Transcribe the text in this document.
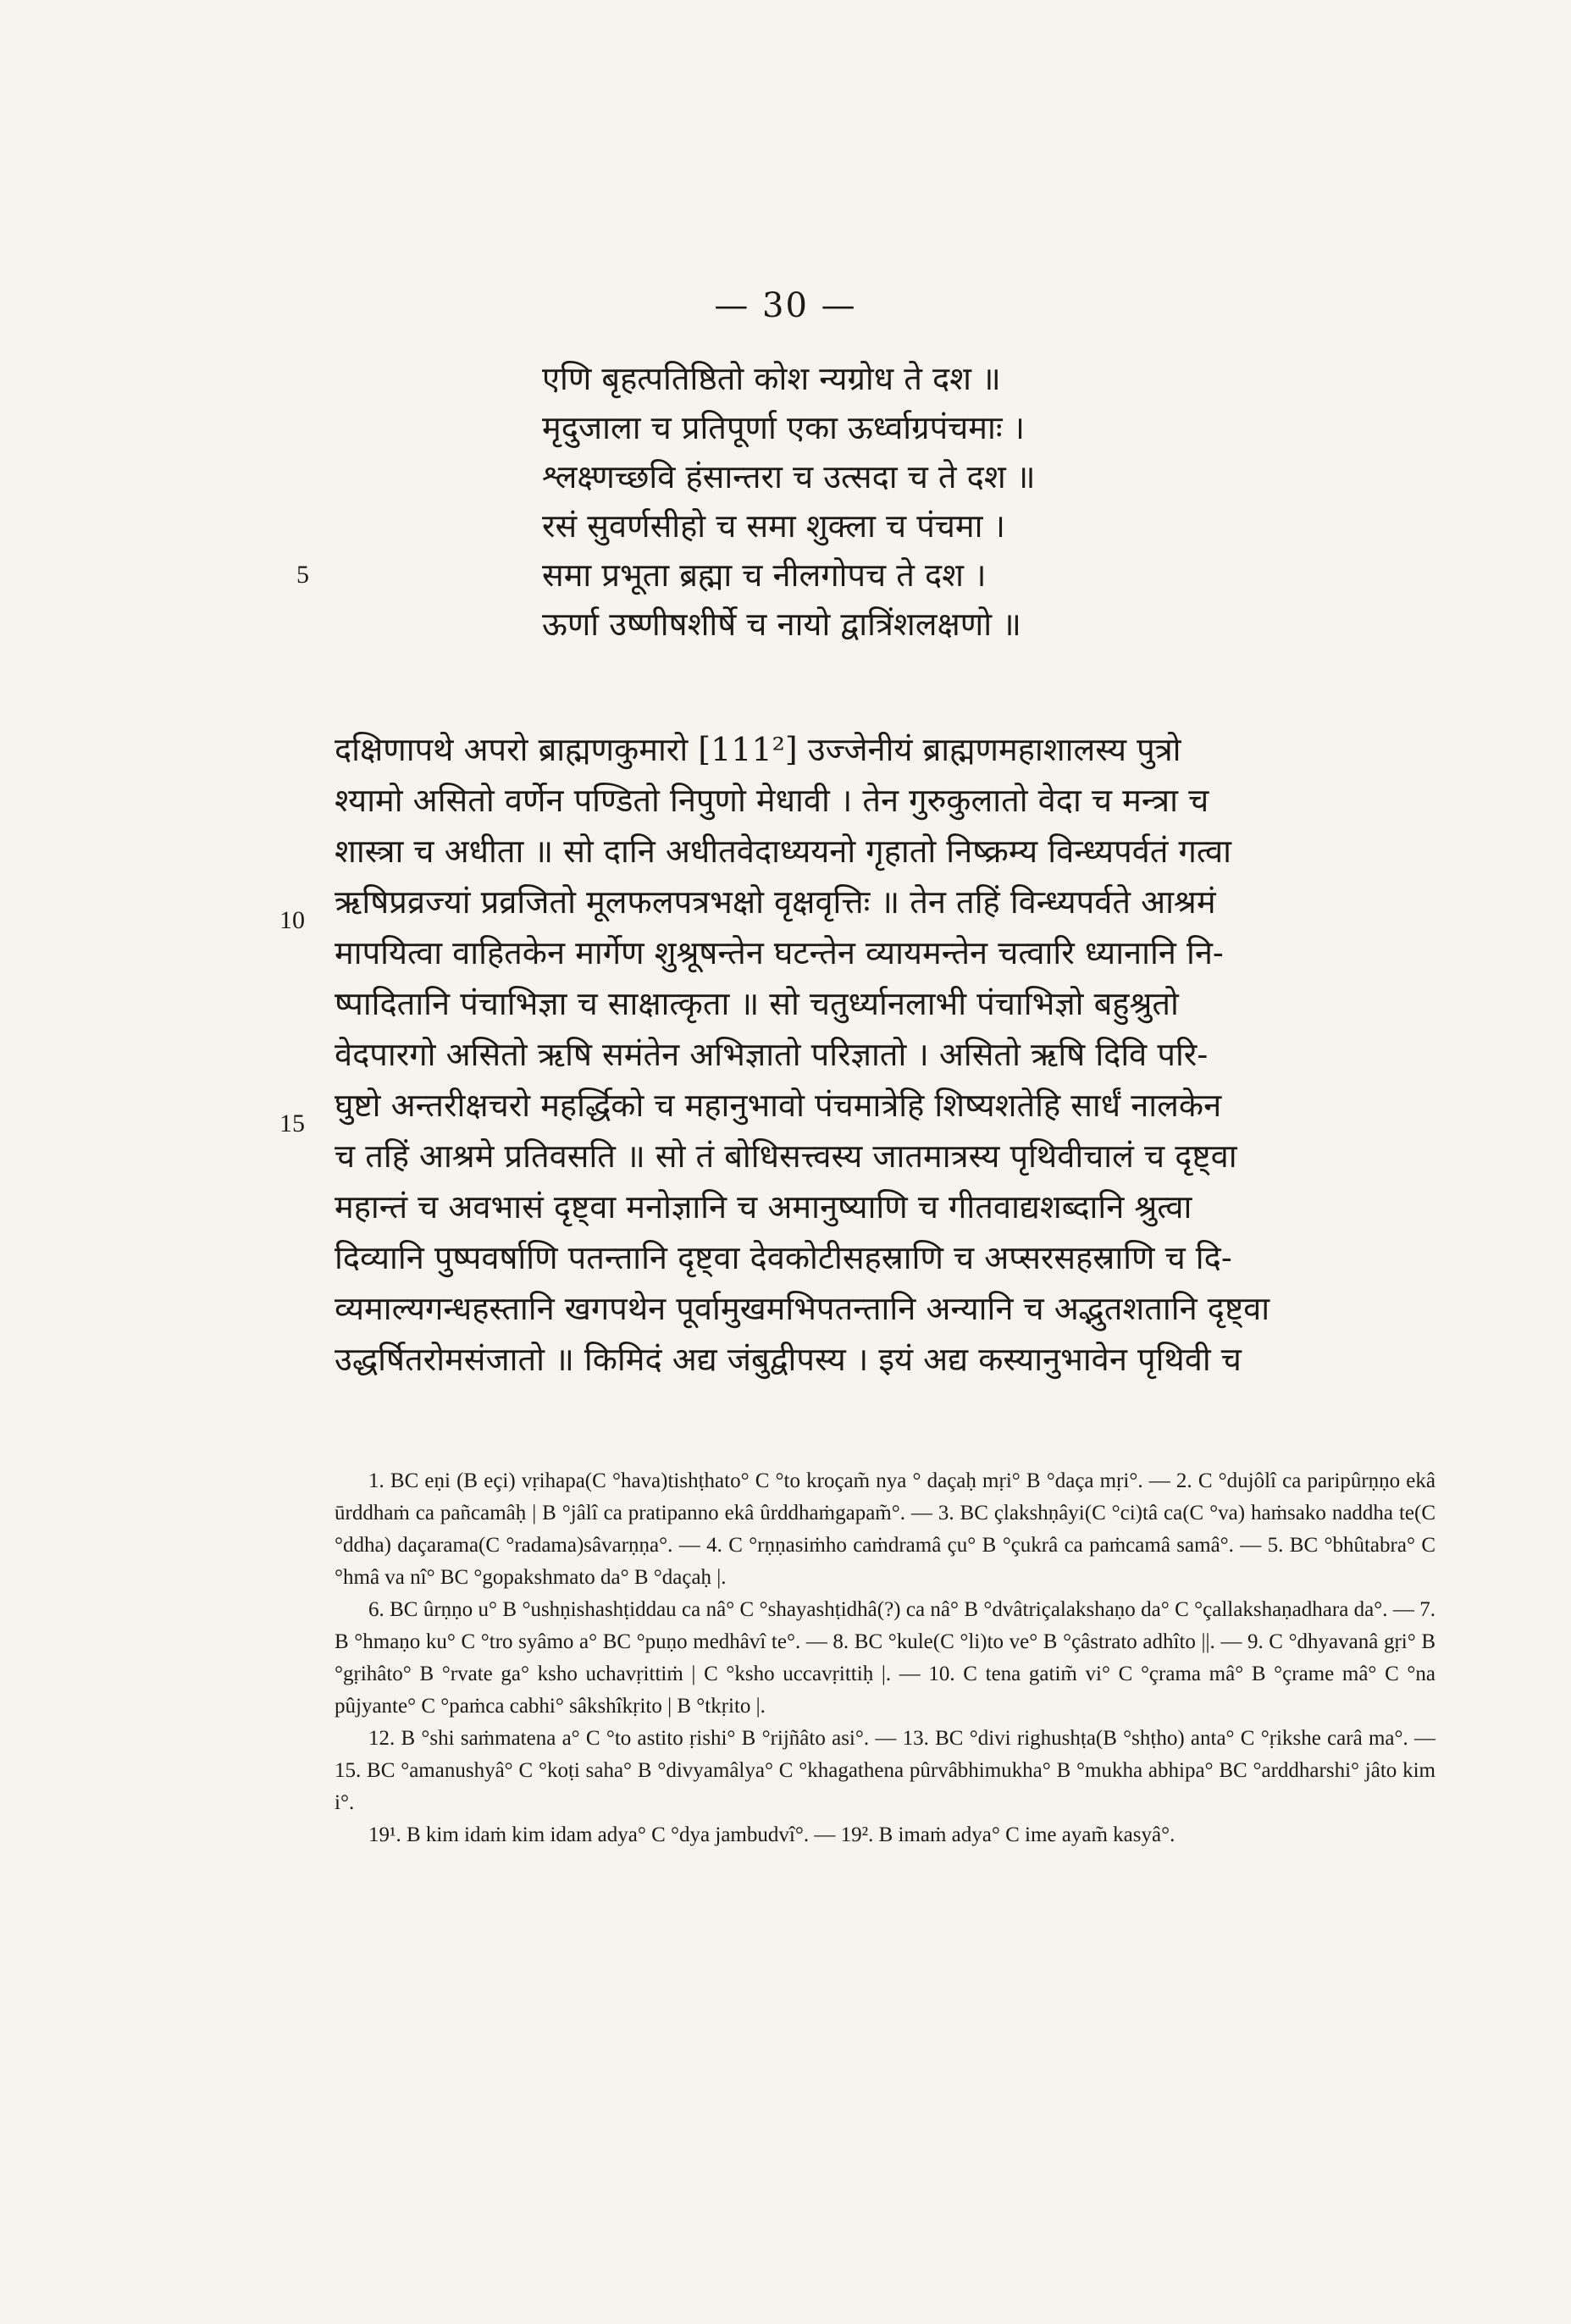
— 30 —
एणि बृहत्पतिष्ठितो कोश न्यग्रोध ते दश ॥
मृदुजाला च प्रतिपूर्णा एका ऊर्ध्वाग्रपंचमाः ।
श्लक्ष्णच्छवि हंसान्तरा च उत्सदा च ते दश ॥
रसं सुवर्णसीहो च समा शुक्ला च पंचमा ।
समा प्रभूता ब्रह्मा च नीलगोपच ते दश ।
ऊर्णा उष्णीषशीर्षे च नायो द्वात्रिंशलक्षणो ॥
5
दक्षिणापथे अपरो ब्राह्मणकुमारो [111²] उज्जेनीयं ब्राह्मणमहाशालस्य पुत्रो
श्यामो असितो वर्णेन पण्डितो निपुणो मेधावी । तेन गुरुकुलातो वेदा च मन्त्रा च
शास्त्रा च अधीता ॥ सो दानि अधीतवेदाध्ययनो गृहातो निष्क्रम्य विन्ध्यपर्वतं गत्वा
ऋषिप्रव्रज्यां प्रव्रजितो मूलफलपत्रभक्षो वृक्षवृत्तिः ॥ तेन तहिं विन्ध्यपर्वते आश्रमं
मापयित्वा वाहितकेन मार्गेण शुश्रूषन्तेन घटन्तेन व्यायमन्तेन चत्वारि ध्यानानि नि-
ष्पादितानि पंचाभिज्ञा च साक्षात्कृता ॥ सो चतुर्ध्यानलाभी पंचाभिज्ञो बहुश्रुतो
वेदपारगो असितो ऋषि समंतेन अभिज्ञातो परिज्ञातो । असितो ऋषि दिवि परि-
घुष्टो अन्तरीक्षचरो महर्द्धिको च महानुभावो पंचमात्रेहि शिष्यशतेहि सार्धं नालकेन
च तहिं आश्रमे प्रतिवसति ॥ सो तं बोधिसत्त्वस्य जातमात्रस्य पृथिवीचालं च दृष्ट्वा
महान्तं च अवभासं दृष्ट्वा मनोज्ञानि च अमानुष्याणि च गीतवाद्यशब्दानि श्रुत्वा
दिव्यानि पुष्पवर्षाणि पतन्तानि दृष्ट्वा देवकोटीसहस्राणि च अप्सरसहस्राणि च दि-
व्यमाल्यगन्धहस्तानि खगपथेन पूर्वामुखमभिपतन्तानि अन्यानि च अद्भुतशतानि दृष्ट्वा
उद्धर्षितरोमसंजातो ॥ किमिदं अद्य जंबुद्वीपस्य । इयं अद्य कस्यानुभावेन पृथिवी च
10
15

1. BC eṇi (B eçi) vṛihapa(C °hava)tishṭhato° C °to kroçam̃ nya ° daçaḥ mṛi° B °daça mṛi°. — 2. C °dujôlî ca paripûrṇṇo ekâ ūrddhaṁ ca pañcamâḥ | B °jâlî ca pratipanno ekâ ûrddhaṁgapam̃°. — 3. BC çlakshṇâyi(C °ci)tâ ca(C °va) haṁsako naddha te(C °ddha) daçarama(C °radama)sâvarṇṇa°. — 4. C °rṇṇasiṁho caṁdramâ çu° B °çukrâ ca paṁcamâ samâ°. — 5. BC °bhûtabra° C °hmâ va nî° BC °gopakshmato da° B °daçaḥ |.

6. BC ûrṇṇo u° B °ushṇishashṭiddau ca nâ° C °shayashṭidhâ(?) ca nâ° B °dvâtriçalakshaṇo da° C °çallakshaṇadhara da°. — 7. B °hmaṇo ku° C °tro syâmo a° BC °puṇo medhâvî te°. — 8. BC °kule(C °li)to ve° B °çâstrato adhîto ||. — 9. C °dhyavanâ gṛi° B °gṛihâto° B °rvate ga° ksho uchavṛittiṁ | C °ksho uccavṛittiḥ |. — 10. C tena gatim̃ vi° C °çrama mâ° B °çrame mâ° C °na pûjyante° C °paṁca cabhi° sâkshîkṛito | B °tkṛito |.

12. B °shi saṁmatena a° C °to astito ṛishi° B °rijñâto asi°. — 13. BC °divi righushṭa(B °shṭho) anta° C °ṛikshe carâ ma°. — 15. BC °amanushyâ° C °koṭi saha° B °divyamâlya° C °khagathena pûrvâbhimukha° B °mukha abhipa° BC °arddharshi° jâto kim i°.

19¹. B kim idaṁ kim idam adya° C °dya jambudvî°. — 19². B imaṁ adya° C ime ayam̃ kasyâ°.
